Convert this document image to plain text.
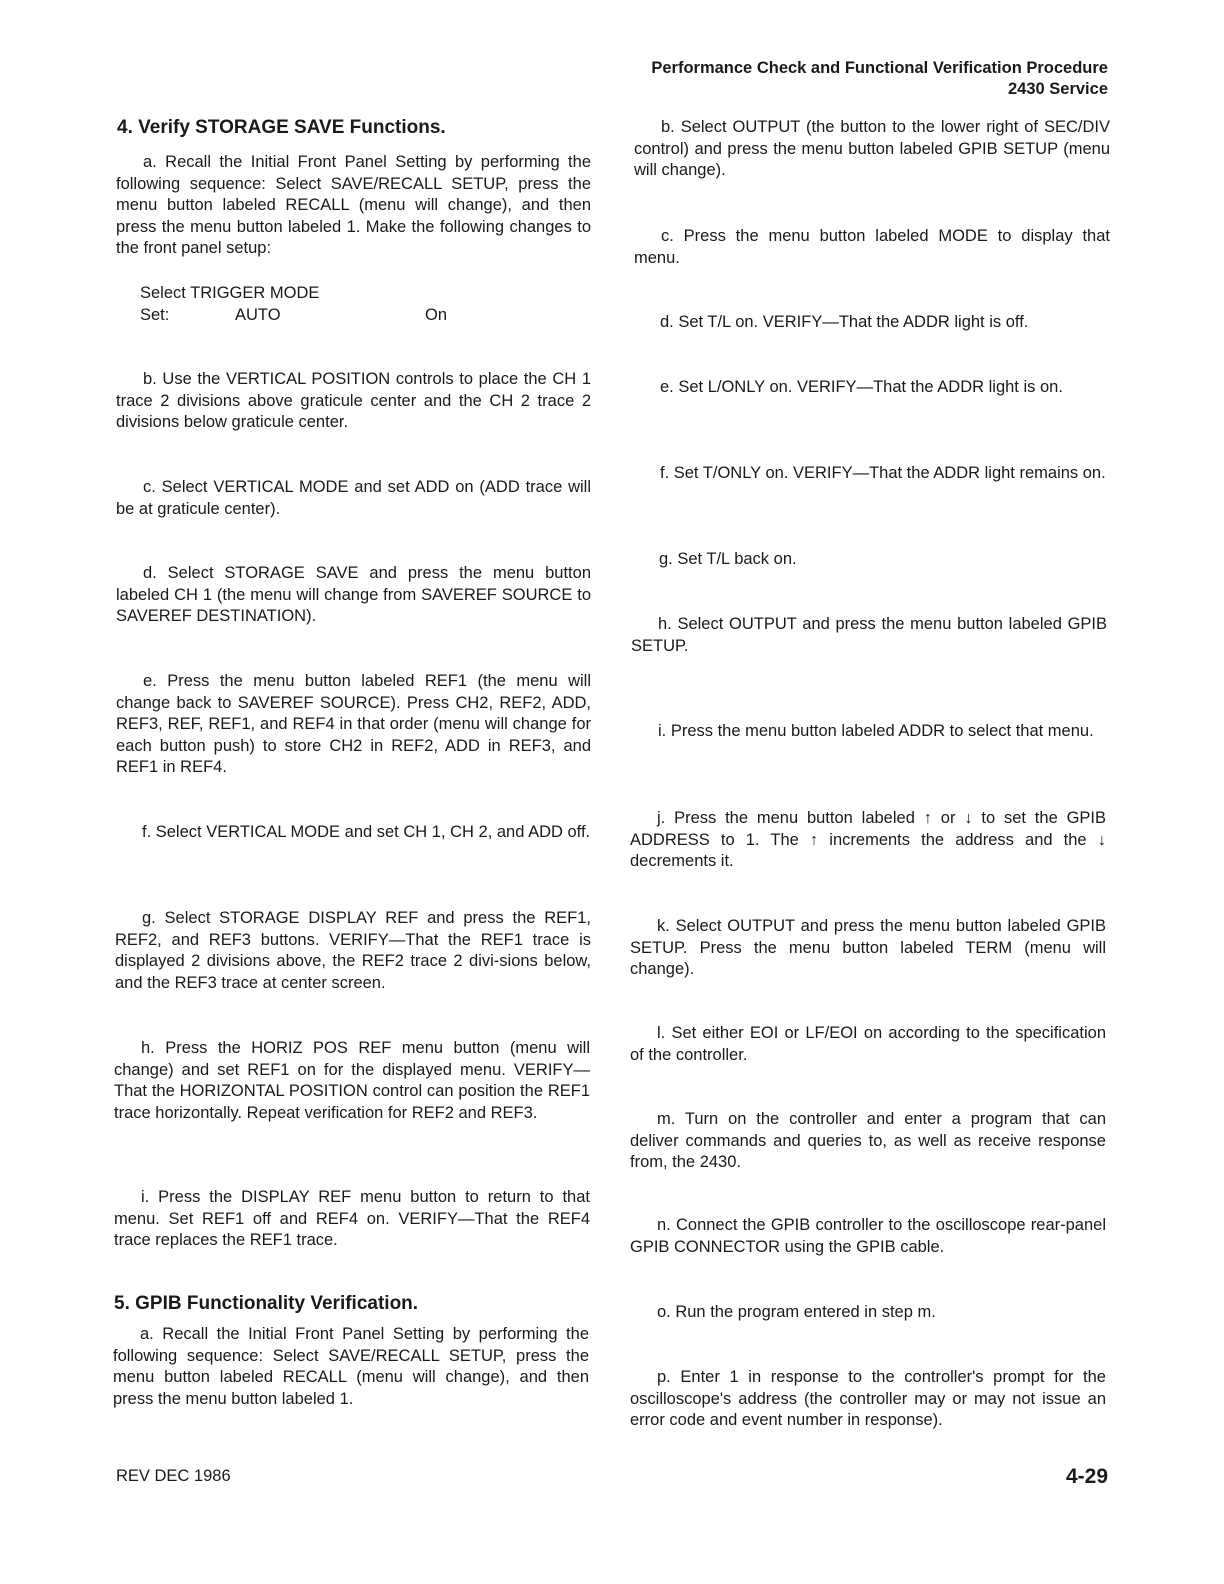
Performance Check and Functional Verification Procedure
2430 Service
4. Verify STORAGE SAVE Functions.

a. Recall the Initial Front Panel Setting by performing the following sequence: Select SAVE/RECALL SETUP, press the menu button labeled RECALL (menu will change), and then press the menu button labeled 1. Make the following changes to the front panel setup:

Select TRIGGER MODE
Set:	AUTO	On

b. Use the VERTICAL POSITION controls to place the CH 1 trace 2 divisions above graticule center and the CH 2 trace 2 divisions below graticule center.

c. Select VERTICAL MODE and set ADD on (ADD trace will be at graticule center).

d. Select STORAGE SAVE and press the menu button labeled CH 1 (the menu will change from SAVEREF SOURCE to SAVEREF DESTINATION).

e. Press the menu button labeled REF1 (the menu will change back to SAVEREF SOURCE). Press CH2, REF2, ADD, REF3, REF, REF1, and REF4 in that order (menu will change for each button push) to store CH2 in REF2, ADD in REF3, and REF1 in REF4.

f. Select VERTICAL MODE and set CH 1, CH 2, and ADD off.

g. Select STORAGE DISPLAY REF and press the REF1, REF2, and REF3 buttons. VERIFY—That the REF1 trace is displayed 2 divisions above, the REF2 trace 2 divi-sions below, and the REF3 trace at center screen.

h. Press the HORIZ POS REF menu button (menu will change) and set REF1 on for the displayed menu. VERIFY—That the HORIZONTAL POSITION control can position the REF1 trace horizontally. Repeat verification for REF2 and REF3.

i. Press the DISPLAY REF menu button to return to that menu. Set REF1 off and REF4 on. VERIFY—That the REF4 trace replaces the REF1 trace.

5. GPIB Functionality Verification.

a. Recall the Initial Front Panel Setting by performing the following sequence: Select SAVE/RECALL SETUP, press the menu button labeled RECALL (menu will change), and then press the menu button labeled 1.

b. Select OUTPUT (the button to the lower right of SEC/DIV control) and press the menu button labeled GPIB SETUP (menu will change).

c. Press the menu button labeled MODE to display that menu.

d. Set T/L on. VERIFY—That the ADDR light is off.

e. Set L/ONLY on. VERIFY—That the ADDR light is on.

f. Set T/ONLY on. VERIFY—That the ADDR light remains on.

g. Set T/L back on.

h. Select OUTPUT and press the menu button labeled GPIB SETUP.

i. Press the menu button labeled ADDR to select that menu.

j. Press the menu button labeled ↑ or ↓ to set the GPIB ADDRESS to 1. The ↑ increments the address and the ↓ decrements it.

k. Select OUTPUT and press the menu button labeled GPIB SETUP. Press the menu button labeled TERM (menu will change).

l. Set either EOI or LF/EOI on according to the specification of the controller.

m. Turn on the controller and enter a program that can deliver commands and queries to, as well as receive response from, the 2430.

n. Connect the GPIB controller to the oscilloscope rear-panel GPIB CONNECTOR using the GPIB cable.

o. Run the program entered in step m.

p. Enter 1 in response to the controller's prompt for the oscilloscope's address (the controller may or may not issue an error code and event number in response).

REV DEC 1986	4-29
